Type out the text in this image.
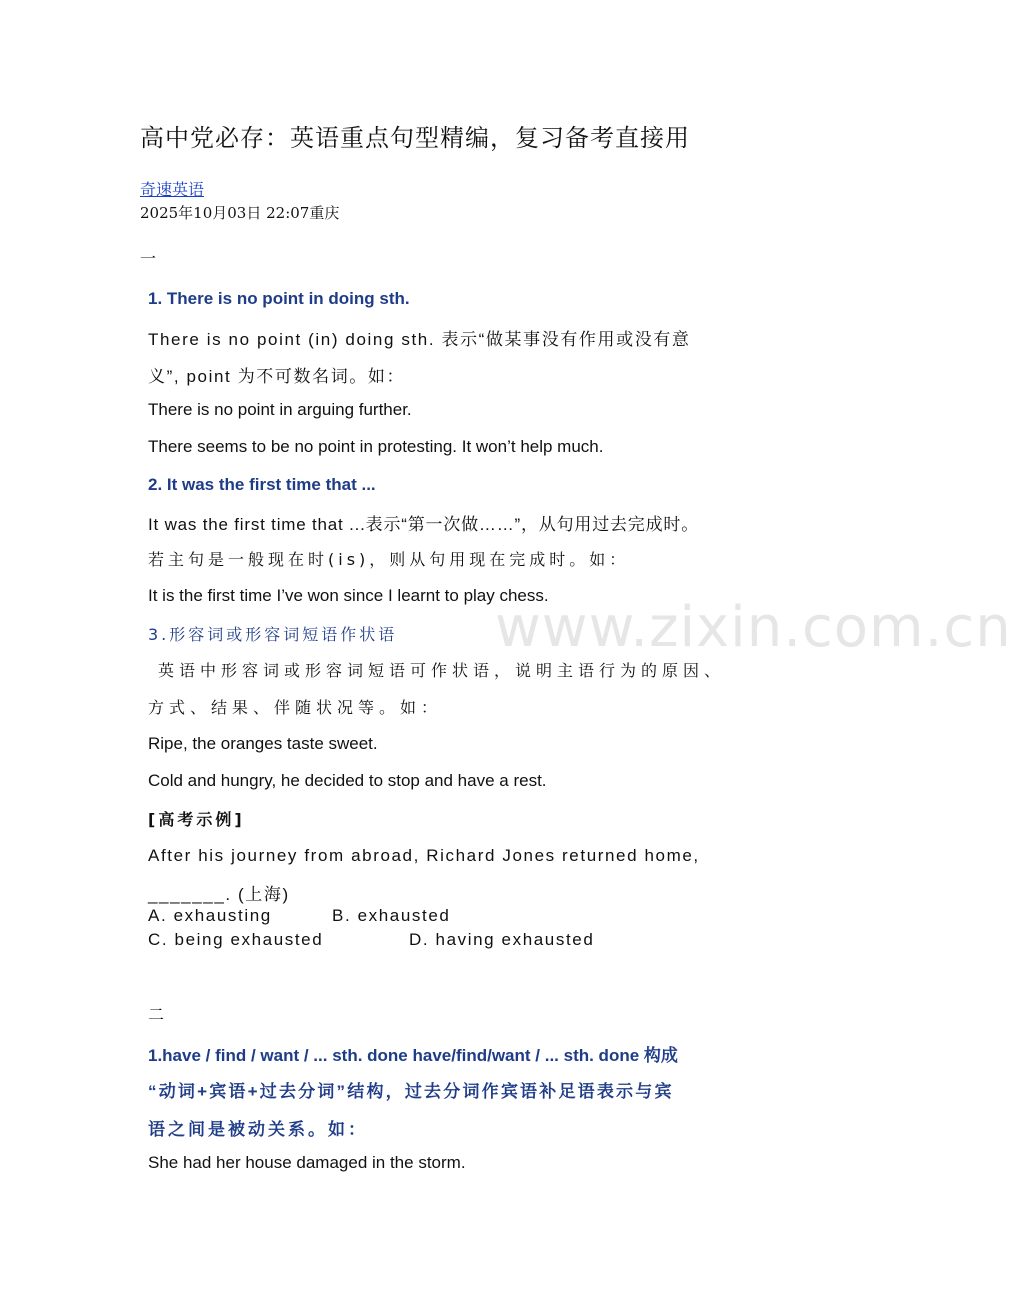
www.zixin.com.cn
高中党必存：英语重点句型精编，复习备考直接用
奇速英语
2025年10月03日 22:07重庆
一
1. There is no point in doing sth.
There is no point (in) doing sth. 表示“做某事没有作用或没有意
义”, point 为不可数名词。如：
There is no point in arguing further.
There seems to be no point in protesting. It won’t help much.
2. It was the first time that ...
It was the first time that ...表示“第一次做……”，从句用过去完成时。
若主句是一般现在时(is)，则从句用现在完成时。如：
It is the first time I’ve won since I learnt to play chess.
3.形容词或形容词短语作状语
英语中形容词或形容词短语可作状语，说明主语行为的原因、
方式、结果、伴随状况等。如：
Ripe, the oranges taste sweet.
Cold and hungry, he decided to stop and have a rest.
[高考示例]
After his journey from abroad, Richard Jones returned home,
_______. (上海)
A. exhausting	B. exhausted
C. being exhausted	D. having exhausted
二
1.have / find / want / ... sth. done have/find/want / ... sth. done 构成
“动词+宾语+过去分词”结构，过去分词作宾语补足语表示与宾
语之间是被动关系。如：
She had her house damaged in the storm.
